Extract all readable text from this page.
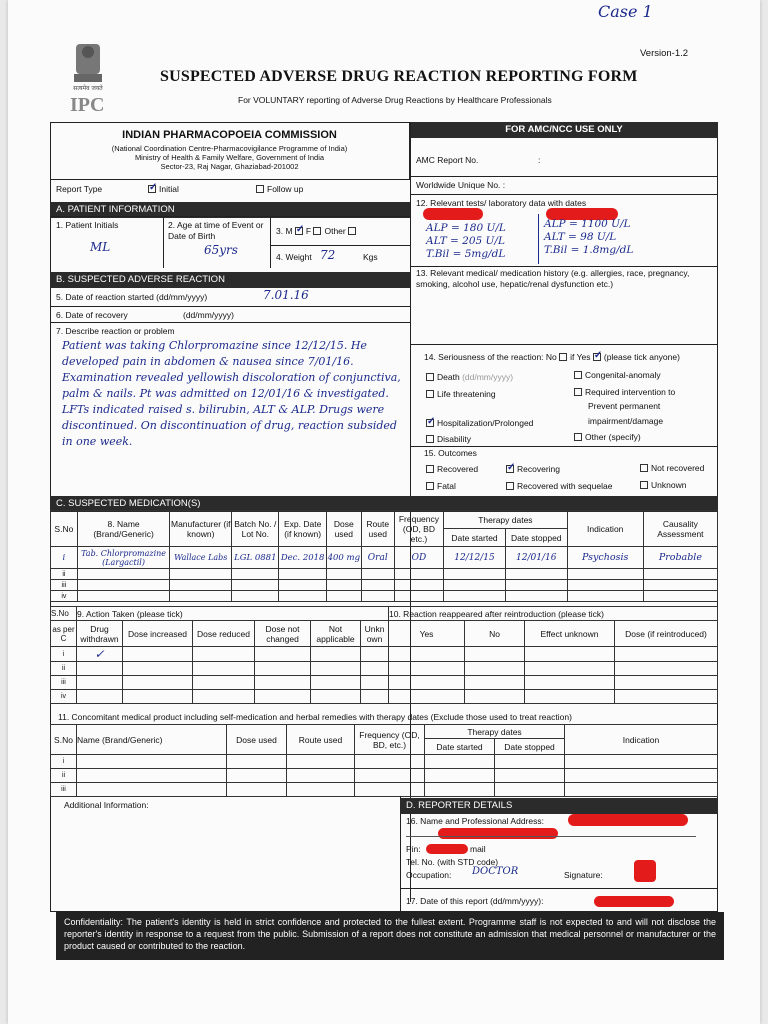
Case 1
Version-1.2
सत्यमेव जयते
IPC
SUSPECTED ADVERSE DRUG REACTION REPORTING FORM
For VOLUNTARY reporting of Adverse Drug Reactions by Healthcare Professionals
INDIAN PHARMACOPOEIA COMMISSION
(National Coordination Centre-Pharmacovigilance Programme of India)
Ministry of Health & Family Welfare, Government of India
Sector-23, Raj Nagar, Ghaziabad-201002
Report Type	✓ Initial	Follow up
FOR AMC/NCC USE ONLY
AMC Report No.	:
Worldwide Unique No. :
A. PATIENT INFORMATION
1. Patient Initials
ML
2. Age at time of Event or Date of Birth
65yrs
3. M ✓ F Other
4. Weight 72	Kgs
12. Relevant tests/ laboratory data with dates
ALP = 180 U/L
ALT = 205 U/L
T.Bil = 5mg/dL
ALP = 1100 U/L
ALT = 98 U/L
T.Bil = 1.8mg/dL
B. SUSPECTED ADVERSE REACTION
5. Date of reaction started (dd/mm/yyyy)	7.01.16
6. Date of recovery	(dd/mm/yyyy)
7. Describe reaction or problem
Patient was taking Chlorpromazine since 12/12/15. He developed pain in abdomen & nausea since 7/01/16. Examination revealed yellowish discoloration of conjunctiva, palm & nails. Pt was admitted on 12/01/16 & investigated. LFTs indicated raised s. bilirubin, ALT & ALP. Drugs were discontinued. On discontinuation of drug, reaction subsided in one week.
13. Relevant medical/ medication history (e.g. allergies, race, pregnancy, smoking, alcohol use, hepatic/renal dysfunction etc.)
14. Seriousness of the reaction: No if Yes ✓ (please tick anyone)
Death (dd/mm/yyyy)	Congenital-anomaly
Life threatening	Required intervention to
Prevent permanent
✓ Hospitalization/Prolonged	impairment/damage
Disability	Other (specify)
15. Outcomes
Recovered	✓ Recovering	Not recovered
Fatal	Recovered with sequelae	Unknown
C. SUSPECTED MEDICATION(S)
S.No	8. Name (Brand/Generic)	Manufacturer (if known)	Batch No. / Lot No.	Exp. Date (if known)	Dose used	Route used	Frequency (OD, BD etc.)	Therapy dates		Indication	Causality Assessment
								Date started	Date stopped		
i	Tab. Chlorpromazine (Largactil)	Wallace Labs	LGL 0881	Dec. 2018	400 mg	Oral	OD	12/12/15	12/01/16	Psychosis	Probable
ii											
iii											
iv											
S.No	9. Action Taken (please tick)						10. Reaction reappeared after reintroduction (please tick)			
as per C	Drug withdrawn	Dose increased	Dose reduced	Dose not changed	Not applicable	Unkn own	Yes	No	Effect unknown	Dose (if reintroduced)
i	✓									
ii										
iii										
iv										
11. Concomitant medical product including self-medication and herbal remedies with therapy dates (Exclude those used to treat reaction)
S.No	Name (Brand/Generic)	Dose used	Route used	Frequency (OD, BD, etc.)	Therapy dates		Indication
					Date started	Date stopped	
i							
ii							
iii							
Additional Information:	D. REPORTER DETAILS
16. Name and Professional Address:
Pin:	mail
Tel. No. (with STD code)
Occupation: DOCTOR	Signature:
17. Date of this report (dd/mm/yyyy):
Confidentiality: The patient's identity is held in strict confidence and protected to the fullest extent. Programme staff is not expected to and will not disclose the reporter's identity in response to a request from the public. Submission of a report does not constitute an admission that medical personnel or manufacturer or the product caused or contributed to the reaction.
